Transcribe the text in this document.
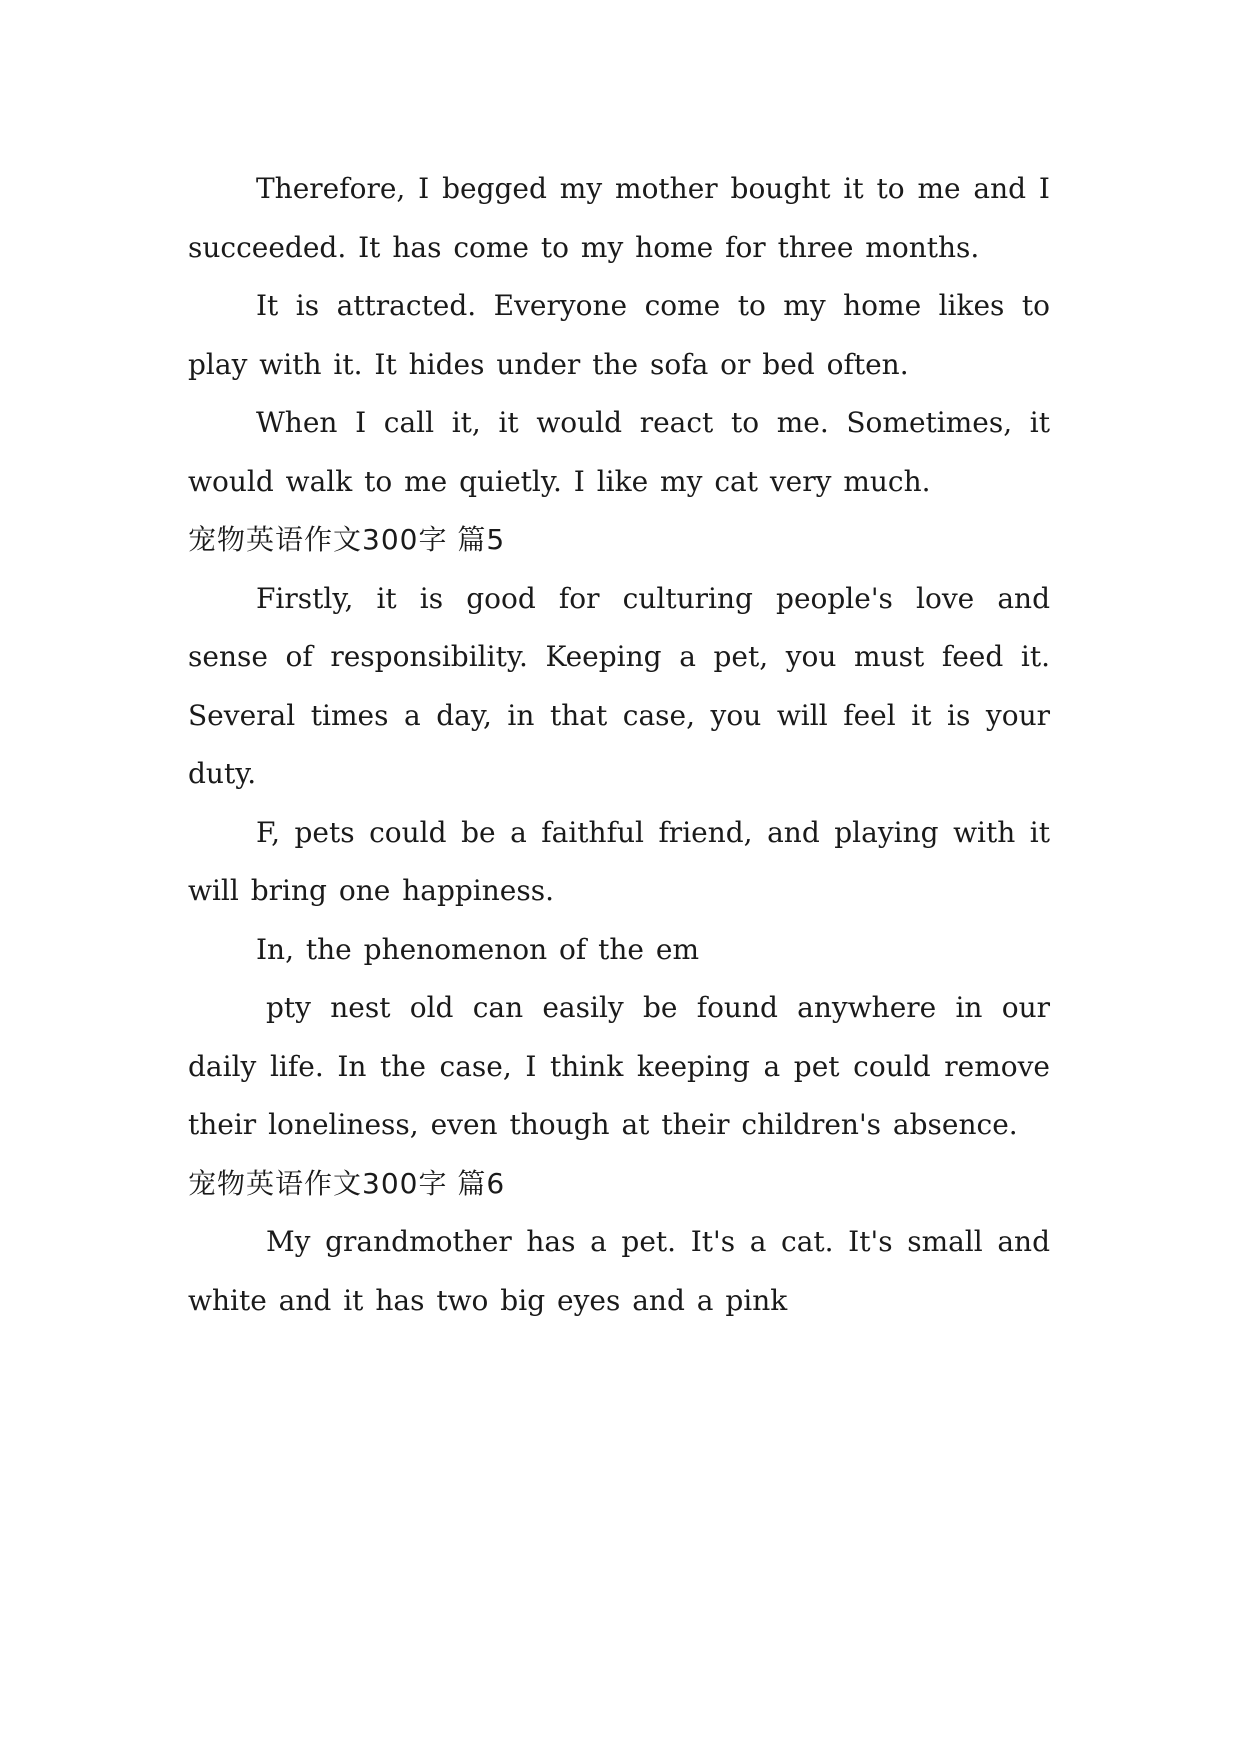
Therefore, I begged my mother bought it to me and I succeeded. It has come to my home for three months.

It is attracted. Everyone come to my home likes to play with it. It hides under the sofa or bed often.

When I call it, it would react to me. Sometimes, it would walk to me quietly. I like my cat very much.

宠物英语作文300字 篇5

Firstly, it is good for culturing people's love and sense of responsibility. Keeping a pet, you must feed it. Several times a day, in that case, you will feel it is your duty.

F, pets could be a faithful friend, and playing with it will bring one happiness.

In, the phenomenon of the em

pty nest old can easily be found anywhere in our daily life. In the case, I think keeping a pet could remove their loneliness, even though at their children's absence.

宠物英语作文300字 篇6

My grandmother has a pet. It's a cat. It's small and white and it has two big eyes and a pink
